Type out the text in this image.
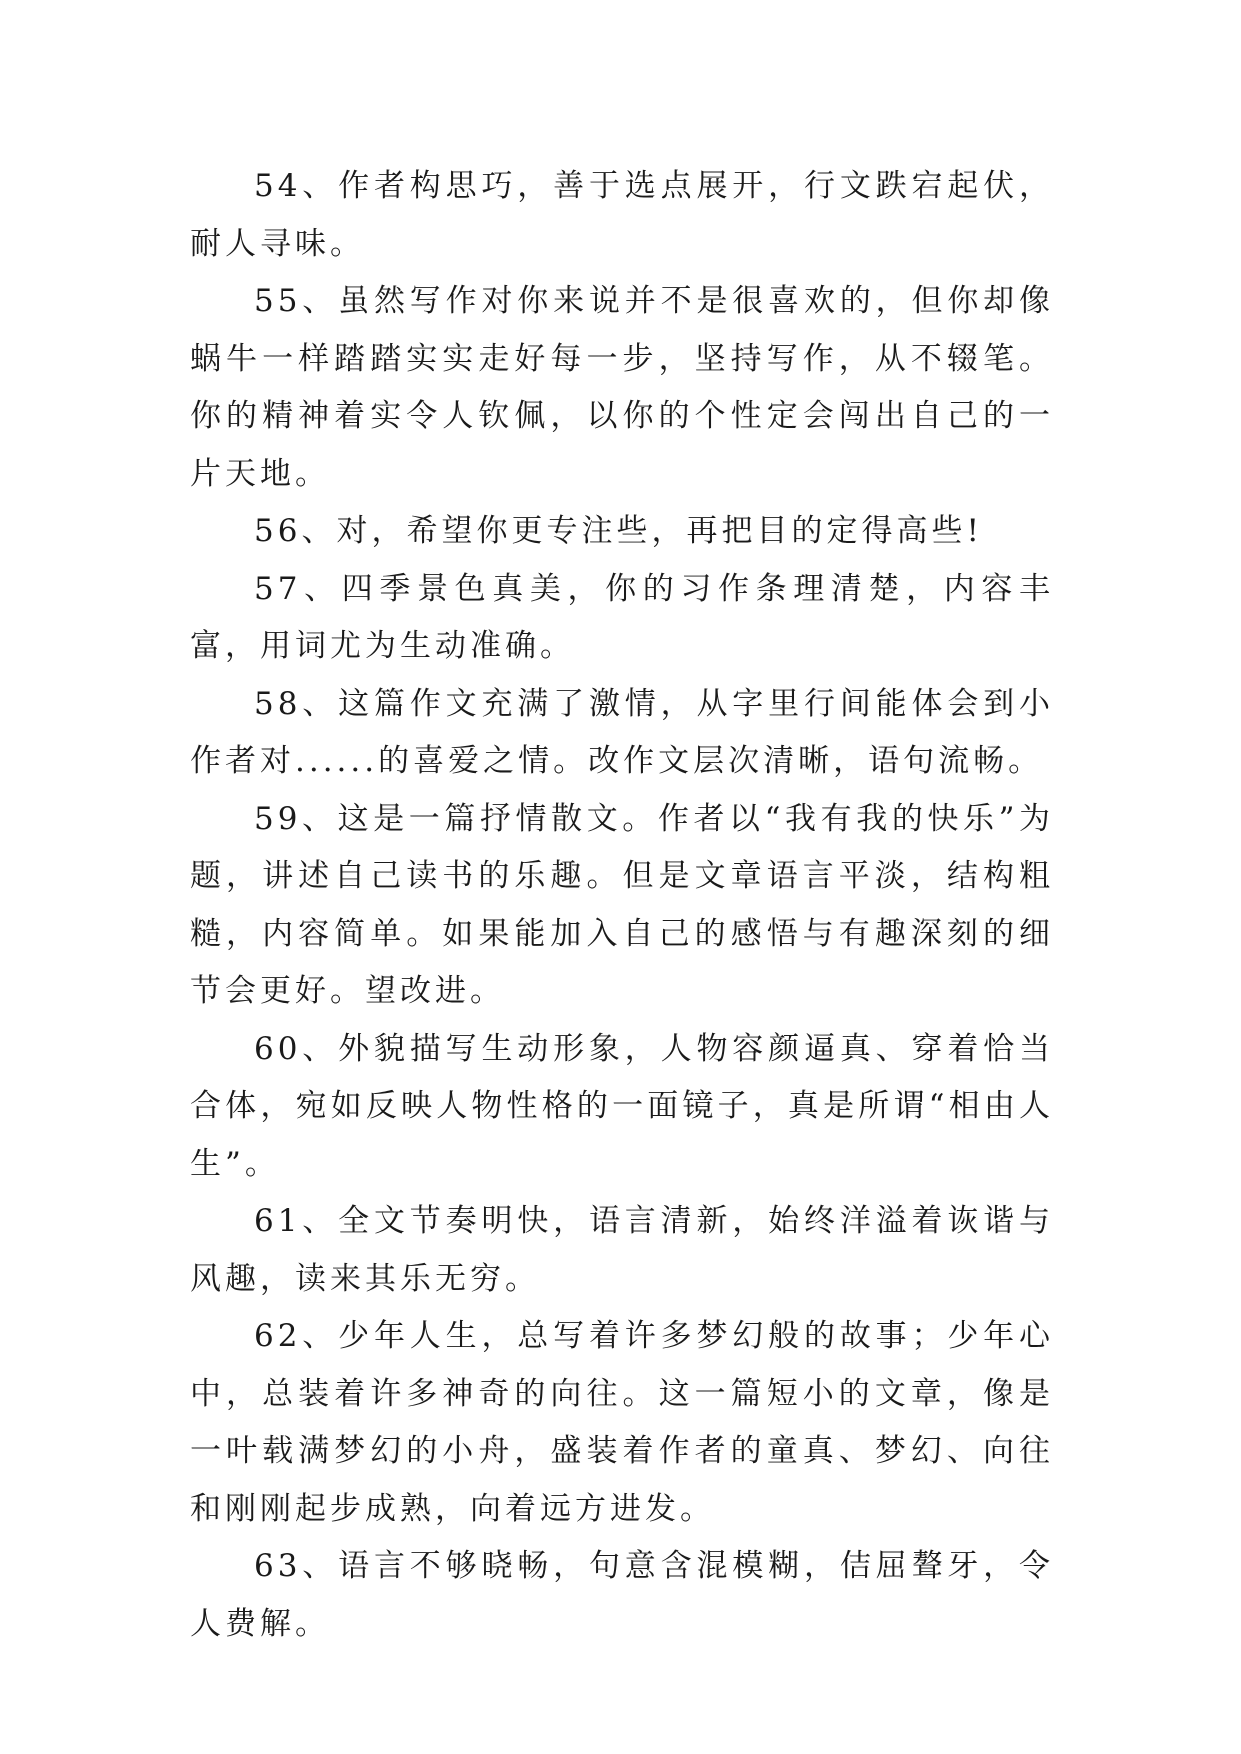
54、作者构思巧，善于选点展开，行文跌宕起伏，耐人寻味。

55、虽然写作对你来说并不是很喜欢的，但你却像蜗牛一样踏踏实实走好每一步，坚持写作，从不辍笔。你的精神着实令人钦佩，以你的个性定会闯出自己的一片天地。

56、对，希望你更专注些，再把目的定得高些!

57、四季景色真美，你的习作条理清楚，内容丰富，用词尤为生动准确。

58、这篇作文充满了激情，从字里行间能体会到小作者对......的喜爱之情。改作文层次清晰，语句流畅。

59、这是一篇抒情散文。作者以“我有我的快乐”为题，讲述自己读书的乐趣。但是文章语言平淡，结构粗糙，内容简单。如果能加入自己的感悟与有趣深刻的细节会更好。望改进。

60、外貌描写生动形象，人物容颜逼真、穿着恰当合体，宛如反映人物性格的一面镜子，真是所谓“相由人生”。

61、全文节奏明快，语言清新，始终洋溢着诙谐与风趣，读来其乐无穷。

62、少年人生，总写着许多梦幻般的故事；少年心中，总装着许多神奇的向往。这一篇短小的文章，像是一叶载满梦幻的小舟，盛装着作者的童真、梦幻、向往和刚刚起步成熟，向着远方进发。

63、语言不够晓畅，句意含混模糊，佶屈聱牙，令人费解。
